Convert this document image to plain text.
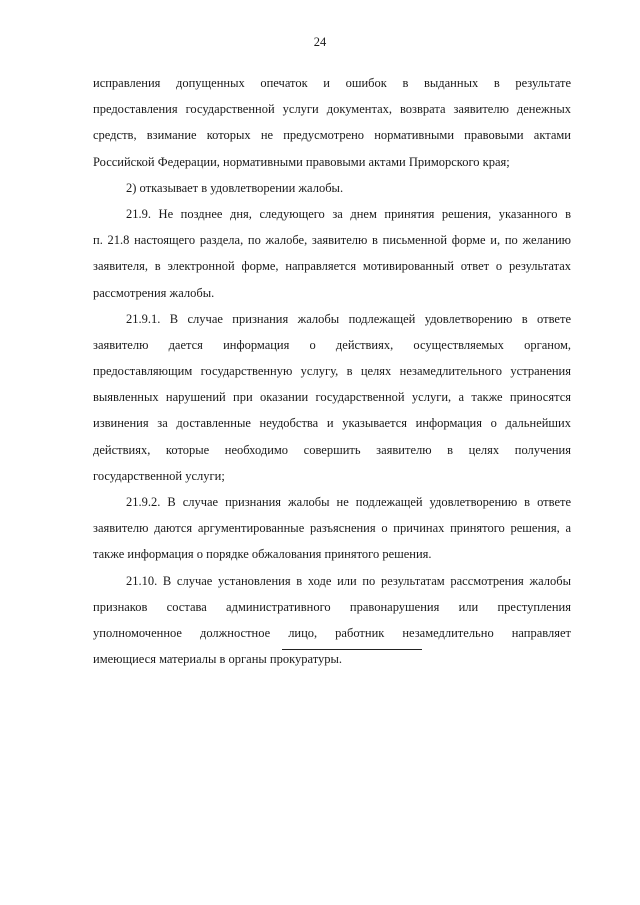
24
исправления допущенных опечаток и ошибок в выданных в результате
предоставления государственной услуги документах, возврата заявителю денежных
средств, взимание которых не предусмотрено нормативными правовыми актами
Российской Федерации, нормативными правовыми актами Приморского края;
2) отказывает в удовлетворении жалобы.
21.9. Не позднее дня, следующего за днем принятия решения, указанного в
п. 21.8 настоящего раздела, по жалобе, заявителю в письменной форме и, по желанию
заявителя, в электронной форме, направляется мотивированный ответ о результатах
рассмотрения жалобы.
21.9.1. В случае признания жалобы подлежащей удовлетворению в ответе
заявителю дается информация о действиях, осуществляемых органом,
предоставляющим государственную услугу, в целях незамедлительного устранения
выявленных нарушений при оказании государственной услуги, а также приносятся
извинения за доставленные неудобства и указывается информация о дальнейших
действиях, которые необходимо совершить заявителю в целях получения
государственной услуги;
21.9.2. В случае признания жалобы не подлежащей удовлетворению в ответе
заявителю даются аргументированные разъяснения о причинах принятого решения, а
также информация о порядке обжалования принятого решения.
21.10. В случае установления в ходе или по результатам рассмотрения жалобы
признаков состава административного правонарушения или преступления
уполномоченное должностное лицо, работник незамедлительно направляет
имеющиеся материалы в органы прокуратуры.
